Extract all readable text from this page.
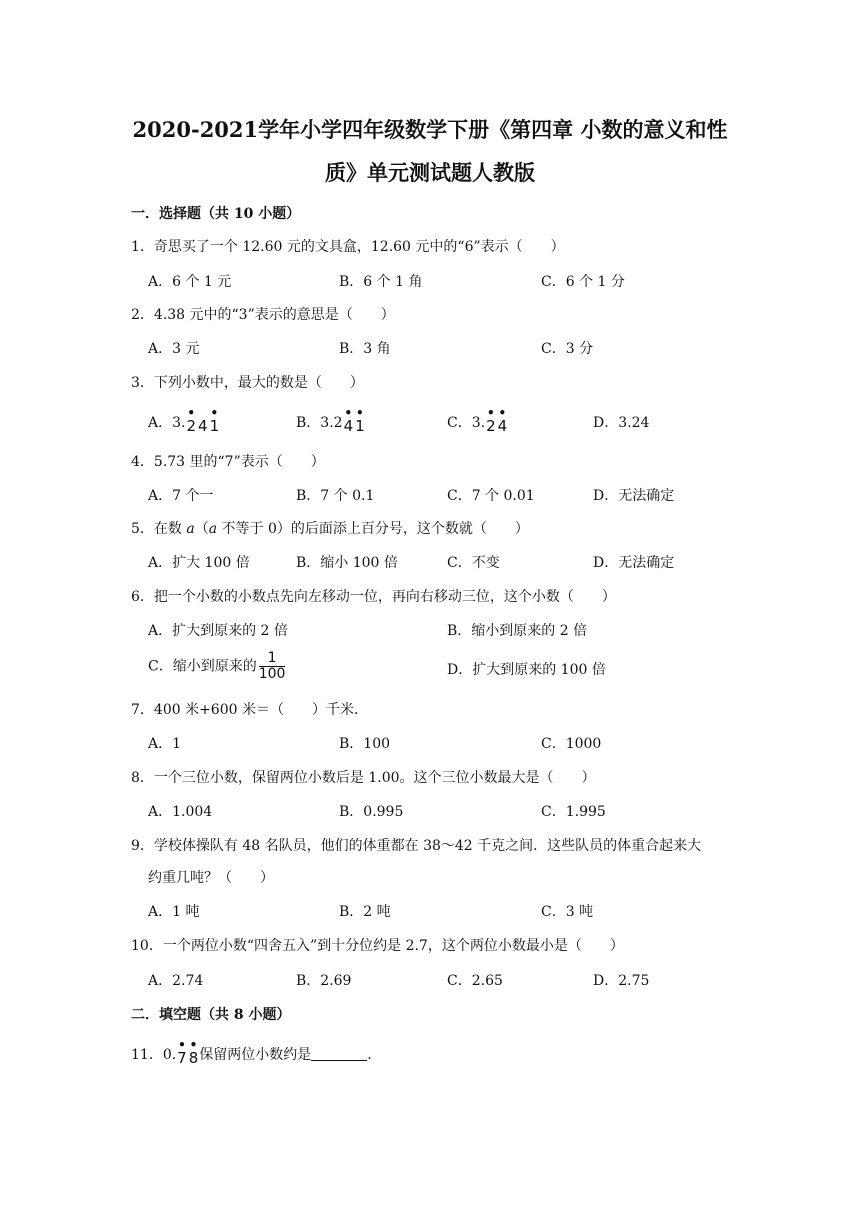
2020-2021学年小学四年级数学下册《第四章 小数的意义和性
质》单元测试题人教版
一．选择题（共 10 小题）
1．奇思买了一个 12.60 元的文具盒，12.60 元中的“6”表示（　　）
A．6 个 1 元	B．6 个 1 角	C．6 个 1 分
2．4.38 元中的“3”表示的意思是（　　）
A．3 元	B．3 角	C．3 分
3．下列小数中，最大的数是（　　）
A．3.
•
2 4
•
1	B．3.2
•
4
•
1	C．3.
•
2
•
4	D．3.24
4．5.73 里的“7”表示（　　）
A．7 个一	B．7 个 0.1	C．7 个 0.01	D．无法确定
5．在数 a（a 不等于 0）的后面添上百分号，这个数就（　　）
A．扩大 100 倍	B．缩小 100 倍	C．不变	D．无法确定
6．把一个小数的小数点先向左移动一位，再向右移动三位，这个小数（　　）
A．扩大到原来的 2 倍	B．缩小到原来的 2 倍
C．缩小到原来的 $\frac{1}{100}$	D．扩大到原来的 100 倍
7．400 米+600 米＝（　　）千米．
A．1	B．100	C．1000
8．一个三位小数，保留两位小数后是 1.00。这个三位小数最大是（　　）
A．1.004	B．0.995	C．1.995
9．学校体操队有 48 名队员，他们的体重都在 38～42 千克之间．这些队员的体重合起来大
约重几吨？（　　）
A．1 吨	B．2 吨	C．3 吨
10．一个两位小数“四舍五入”到十分位约是 2.7，这个两位小数最小是（　　）
A．2.74	B．2.69	C．2.65	D．2.75
二．填空题（共 8 小题）
11．0.
•
7
•
8保留两位小数约是	.
